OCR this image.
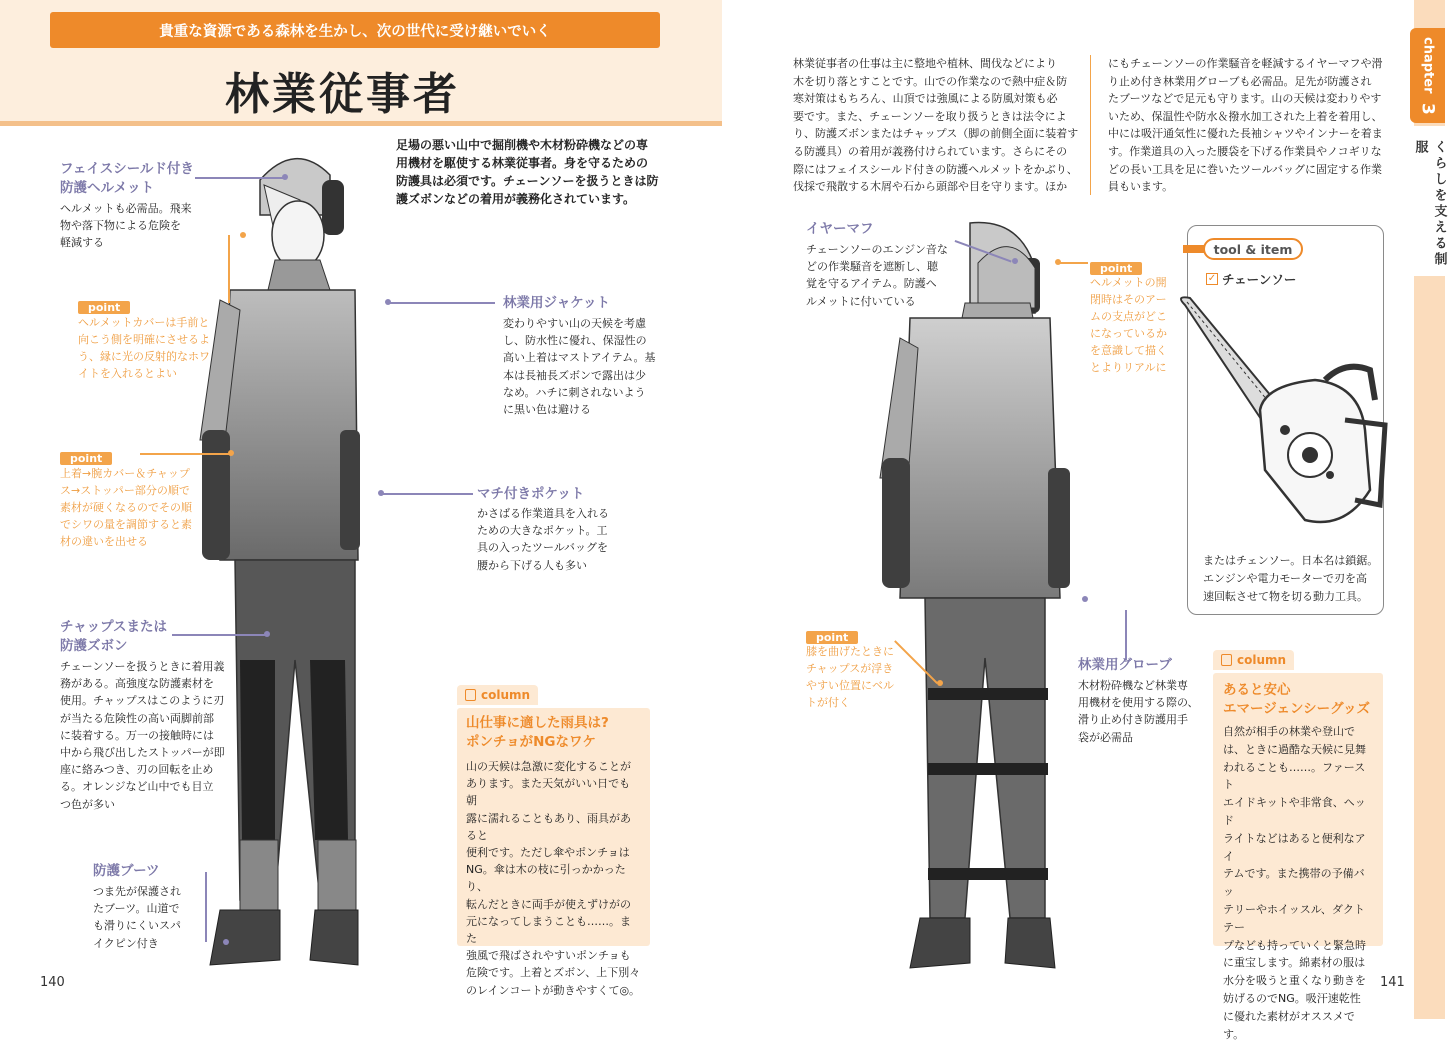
貴重な資源である森林を生かし、次の世代に受け継いでいく
林業従事者
chapter 3
くらしを支える制服
フェイスシールド付き
防護ヘルメット
ヘルメットも必需品。飛来
物や落下物による危険を
軽減する
point
ヘルメットカバーは手前と
向こう側を明確にさせるよ
う、縁に光の反射的なホワ
イトを入れるとよい
point
上着→腕カバー＆チャップ
ス→ストッパー部分の順で
素材が硬くなるのでその順
でシワの量を調節すると素
材の違いを出せる
チャップスまたは
防護ズボン
チェーンソーを扱うときに着用義
務がある。高強度な防護素材を
使用。チャップスはこのように刃
が当たる危険性の高い両脚前部
に装着する。万一の接触時には
中から飛び出したストッパーが即
座に絡みつき、刃の回転を止め
る。オレンジなど山中でも目立
つ色が多い
防護ブーツ
つま先が保護され
たブーツ。山道で
も滑りにくいスパ
イクピン付き
足場の悪い山中で掘削機や木材粉砕機などの専
用機材を駆使する林業従事者。身を守るための
防護具は必須です。チェーンソーを扱うときは防
護ズボンなどの着用が義務化されています。
林業用ジャケット
変わりやすい山の天候を考慮
し、防水性に優れ、保湿性の
高い上着はマストアイテム。基
本は長袖長ズボンで露出は少
なめ。ハチに刺されないよう
に黒い色は避ける
マチ付きポケット
かさばる作業道具を入れる
ための大きなポケット。工
具の入ったツールバッグを
腰から下げる人も多い
column
山仕事に適した雨具は?
ポンチョがNGなワケ
山の天候は急激に変化することが
あります。また天気がいい日でも朝
露に濡れることもあり、雨具があると
便利です。ただし傘やポンチョは
NG。傘は木の枝に引っかかったり、
転んだときに両手が使えずけがの
元になってしまうことも……。また
強風で飛ばされやすいポンチョも
危険です。上着とズボン、上下別々
のレインコートが動きやすくて◎。
140
林業従事者の仕事は主に整地や植林、間伐などにより
木を切り落とすことです。山での作業なので熱中症＆防
寒対策はもちろん、山頂では強風による防風対策も必
要です。また、チェーンソーを取り扱うときは法令によ
り、防護ズボンまたはチャップス（脚の前側全面に装着す
る防護具）の着用が義務付けられています。さらにその
際にはフェイスシールド付きの防護ヘルメットをかぶり、
伐採で飛散する木屑や石から頭部や目を守ります。ほか
にもチェーンソーの作業騒音を軽減するイヤーマフや滑
り止め付き林業用グローブも必需品。足先が防護され
たブーツなどで足元も守ります。山の天候は変わりやす
いため、保温性や防水＆撥水加工された上着を着用し、
中には吸汗通気性に優れた長袖シャツやインナーを着ま
す。作業道具の入った腰袋を下げる作業員やノコギリな
どの長い工具を足に巻いたツールバッグに固定する作業
員もいます。
イヤーマフ
チェーンソーのエンジン音な
どの作業騒音を遮断し、聴
覚を守るアイテム。防護ヘ
ルメットに付いている
point
ヘルメットの開
閉時はそのアー
ムの支点がどこ
になっているか
を意識して描く
とよりリアルに
point
膝を曲げたときに
チャップスが浮き
やすい位置にベル
トが付く
林業用グローブ
木材粉砕機など林業専
用機材を使用する際の、
滑り止め付き防護用手
袋が必需品
tool & item
✓ チェーンソー
またはチェンソー。日本名は鎖鋸。
エンジンや電力モーターで刃を高
速回転させて物を切る動力工具。
column
あると安心
エマージェンシーグッズ
自然が相手の林業や登山で
は、ときに過酷な天候に見舞
われることも……。ファースト
エイドキットや非常食、ヘッド
ライトなどはあると便利なアイ
テムです。また携帯の予備バッ
テリーやホイッスル、ダクトテー
プなども持っていくと緊急時
に重宝します。綿素材の服は
水分を吸うと重くなり動きを
妨げるのでNG。吸汗速乾性
に優れた素材がオススメです。
141
